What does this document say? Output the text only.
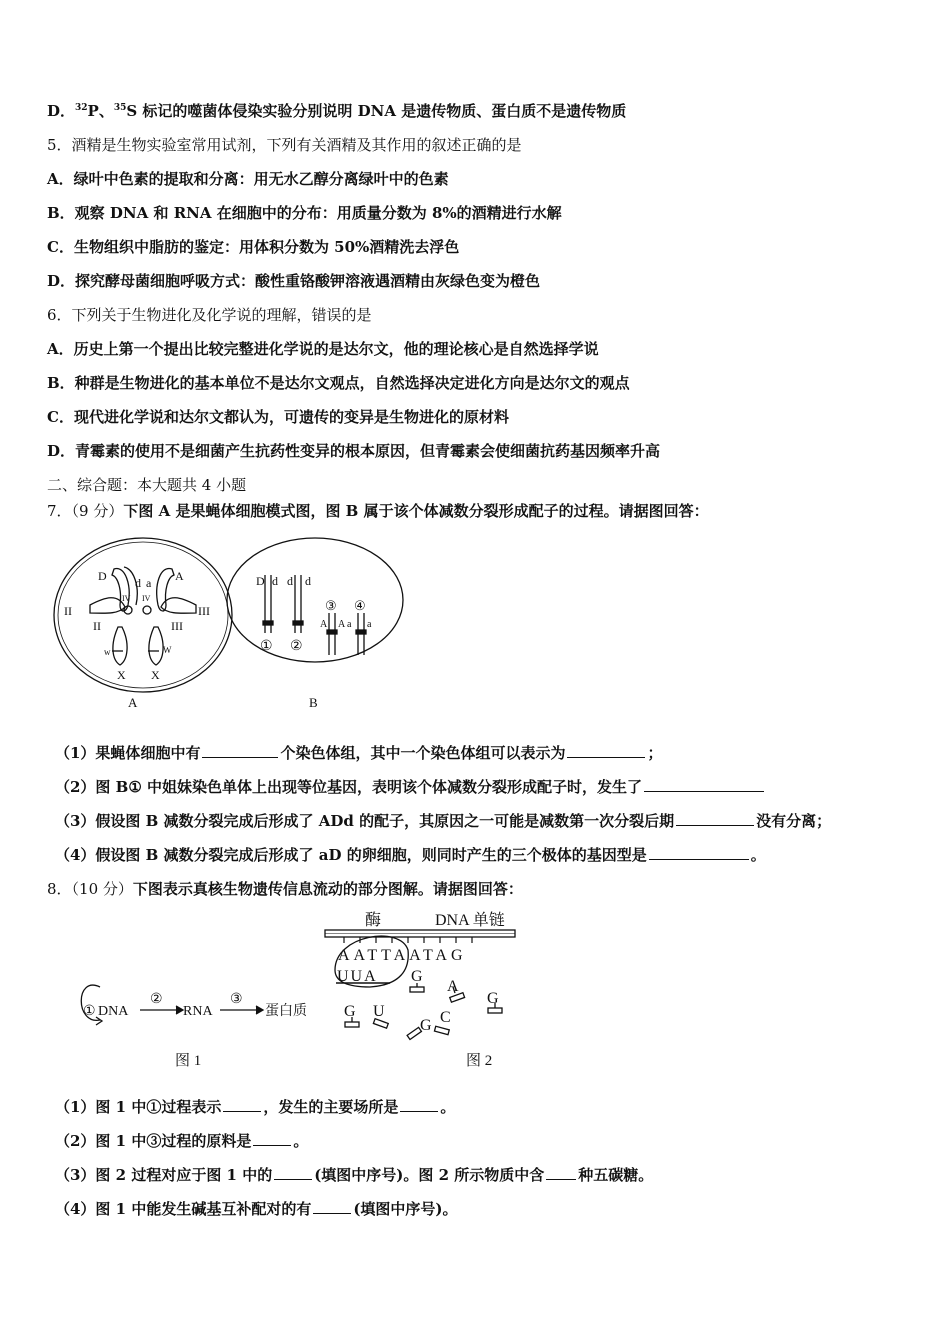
D．$^{32}$P、$^{35}$S 标记的噬菌体侵染实验分别说明 DNA 是遗传物质、蛋白质不是遗传物质
5．酒精是生物实验室常用试剂，下列有关酒精及其作用的叙述正确的是
A．绿叶中色素的提取和分离：用无水乙醇分离绿叶中的色素
B．观察 DNA 和 RNA 在细胞中的分布：用质量分数为 8%的酒精进行水解
C．生物组织中脂肪的鉴定：用体积分数为 50%酒精洗去浮色
D．探究酵母菌细胞呼吸方式：酸性重铬酸钾溶液遇酒精由灰绿色变为橙色
6．下列关于生物进化及化学说的理解，错误的是
A．历史上第一个提出比较完整进化学说的是达尔文，他的理论核心是自然选择学说
B．种群是生物进化的基本单位不是达尔文观点，自然选择决定进化方向是达尔文的观点
C．现代进化学说和达尔文都认为，可遗传的变异是生物进化的原材料
D．青霉素的使用不是细菌产生抗药性变异的根本原因，但青霉素会使细菌抗药基因频率升高
二、综合题：本大题共 4 小题
7．（9 分）下图 A 是果蝇体细胞模式图，图 B 属于该个体减数分裂形成配子的过程。请据图回答：
D d a A
II
II	III
III
IV IV
w	W
X X
A
D d d d
① ②
③ ④
A A a a
B
（1）果蝇体细胞中有	个染色体组，其中一个染色体组可以表示为	；
（2）图 B① 中姐妹染色单体上出现等位基因，表明该个体减数分裂形成配子时，发生了
（3）假设图 B 减数分裂完成后形成了 ADd 的配子，其原因之一可能是减数第一次分裂后期	没有分离；
（4）假设图 B 减数分裂完成后形成了 aD 的卵细胞，则同时产生的三个极体的基因型是	。
8．（10 分）下图表示真核生物遗传信息流动的部分图解。请据图回答：
① DNA
②
RNA
③
蛋白质
图 1
酶	DNA 单链
AATTAATAG
UUA G
A
G
G U
G C
图 2
（1）图 1 中①过程表示	，发生的主要场所是	。
（2）图 1 中③过程的原料是	。
（3）图 2 过程对应于图 1 中的	(填图中序号)。图 2 所示物质中含 种五碳糖。
（4）图 1 中能发生碱基互补配对的有	(填图中序号)。
